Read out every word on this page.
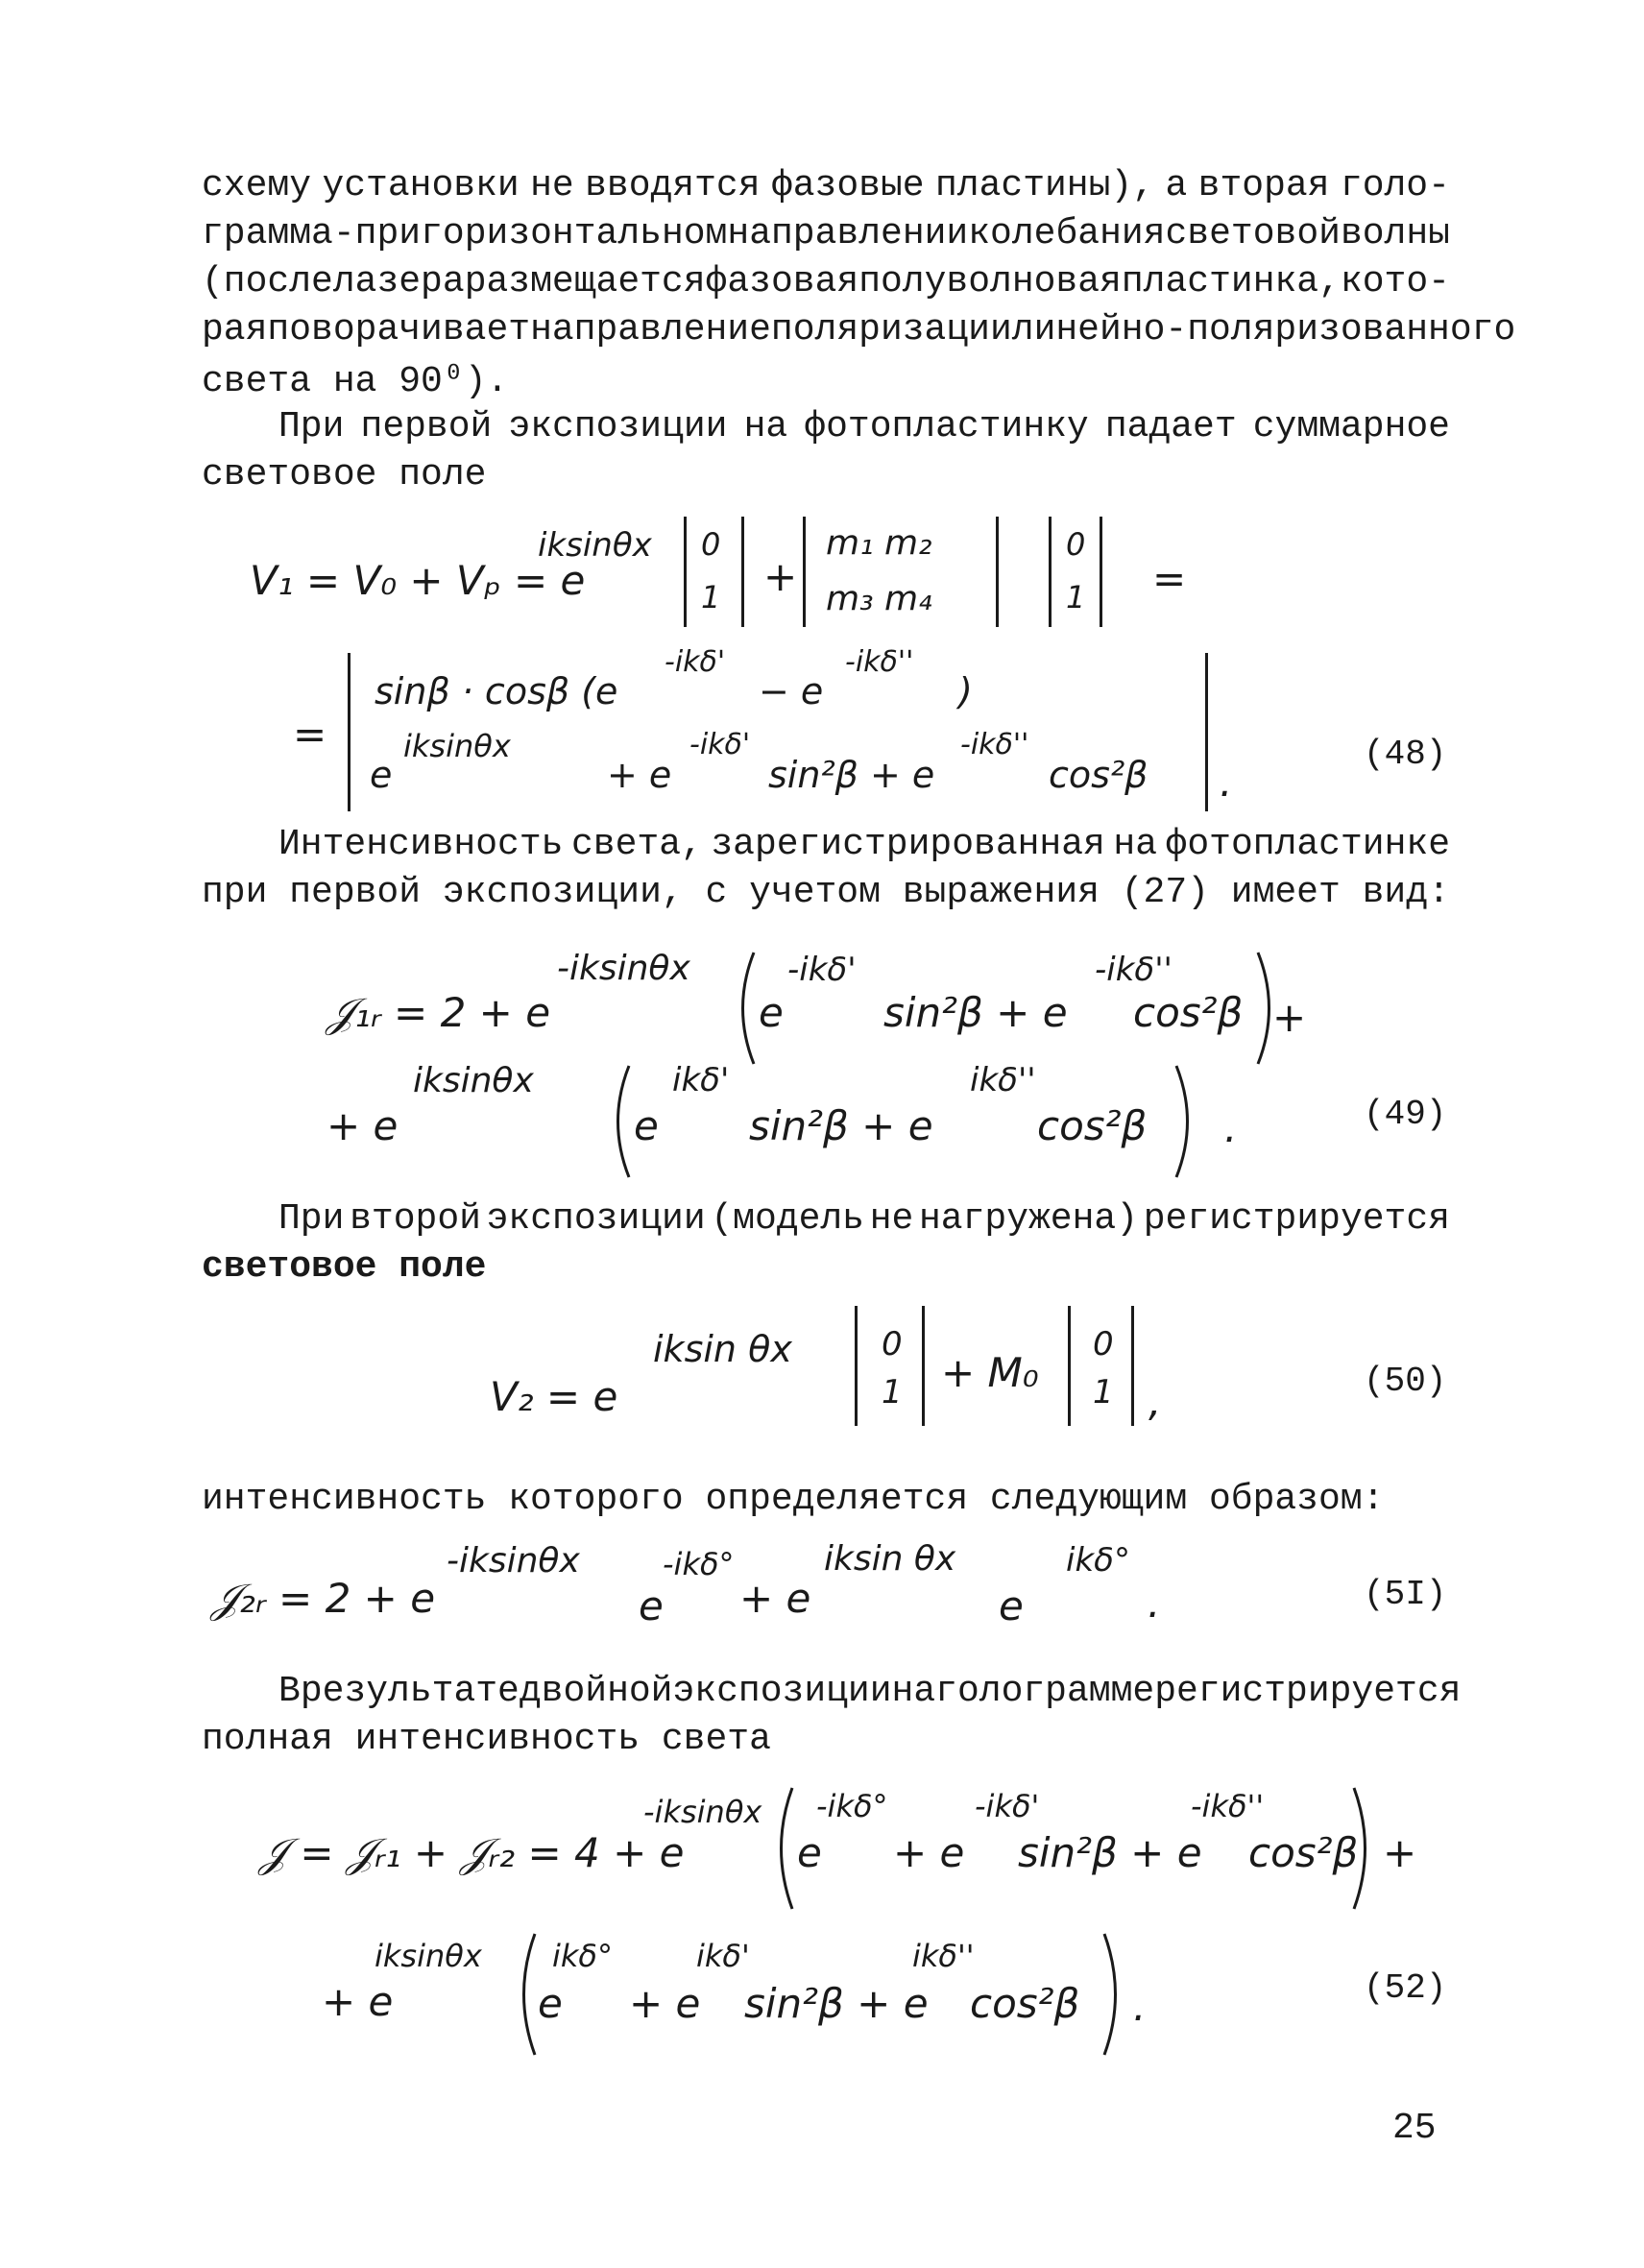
схему установки не вводятся фазовые пластины), а вторая голо-
грамма - при горизонтальном направлении колебания световой волны
(после лазера размещается фазовая полуволновая пластинка, кото-
рая поворачивает направление поляризации линейно-поляризованного
света на 90⁰).
При первой экспозиции на фотопластинку падает суммарное
световое поле
V₁ = V₀ + Vₚ = e
iksinθx 0
1 +
m₁ m₂
m₃ m₄
0
1 =
=
sinβ · cosβ (e
-ikδ'
− e
-ikδ''
)
e
iksinθx
+ e
-ikδ'
sin²β + e
-ikδ''
cos²β .
(48)
Интенсивность света, зарегистрированная на фотопластинке
при первой экспозиции, с учетом выражения (27) имеет вид:
𝒥₁ᵣ = 2 + e
-iksinθx
e
-ikδ'
sin²β + e
-ikδ''
cos²β +
+ e
iksinθx
e
ikδ'
sin²β + e
ikδ''
cos²β .	(49)
При второй экспозиции (модель не нагружена) регистрируется
световое поле
V₂ = e
iksin θx	0
1 + M₀
0
1 ,	(50)
интенсивность которого определяется следующим образом:
𝒥₂ᵣ = 2 + e
-iksinθx
e
-ikδ°
+ e
iksin θx
e
ikδ°
.	(5I)
В результате двойной экспозиции на голограмме регистрируется
полная интенсивность света
𝒥 = 𝒥ᵣ₁ + 𝒥ᵣ₂ = 4 + e
-iksinθx
e
-ikδ°
+ e
-ikδ'
sin²β + e
-ikδ''
cos²β +
+ e
iksinθx
e
ikδ°
+ e
ikδ'
sin²β + e
ikδ''
cos²β .	(52)
25
